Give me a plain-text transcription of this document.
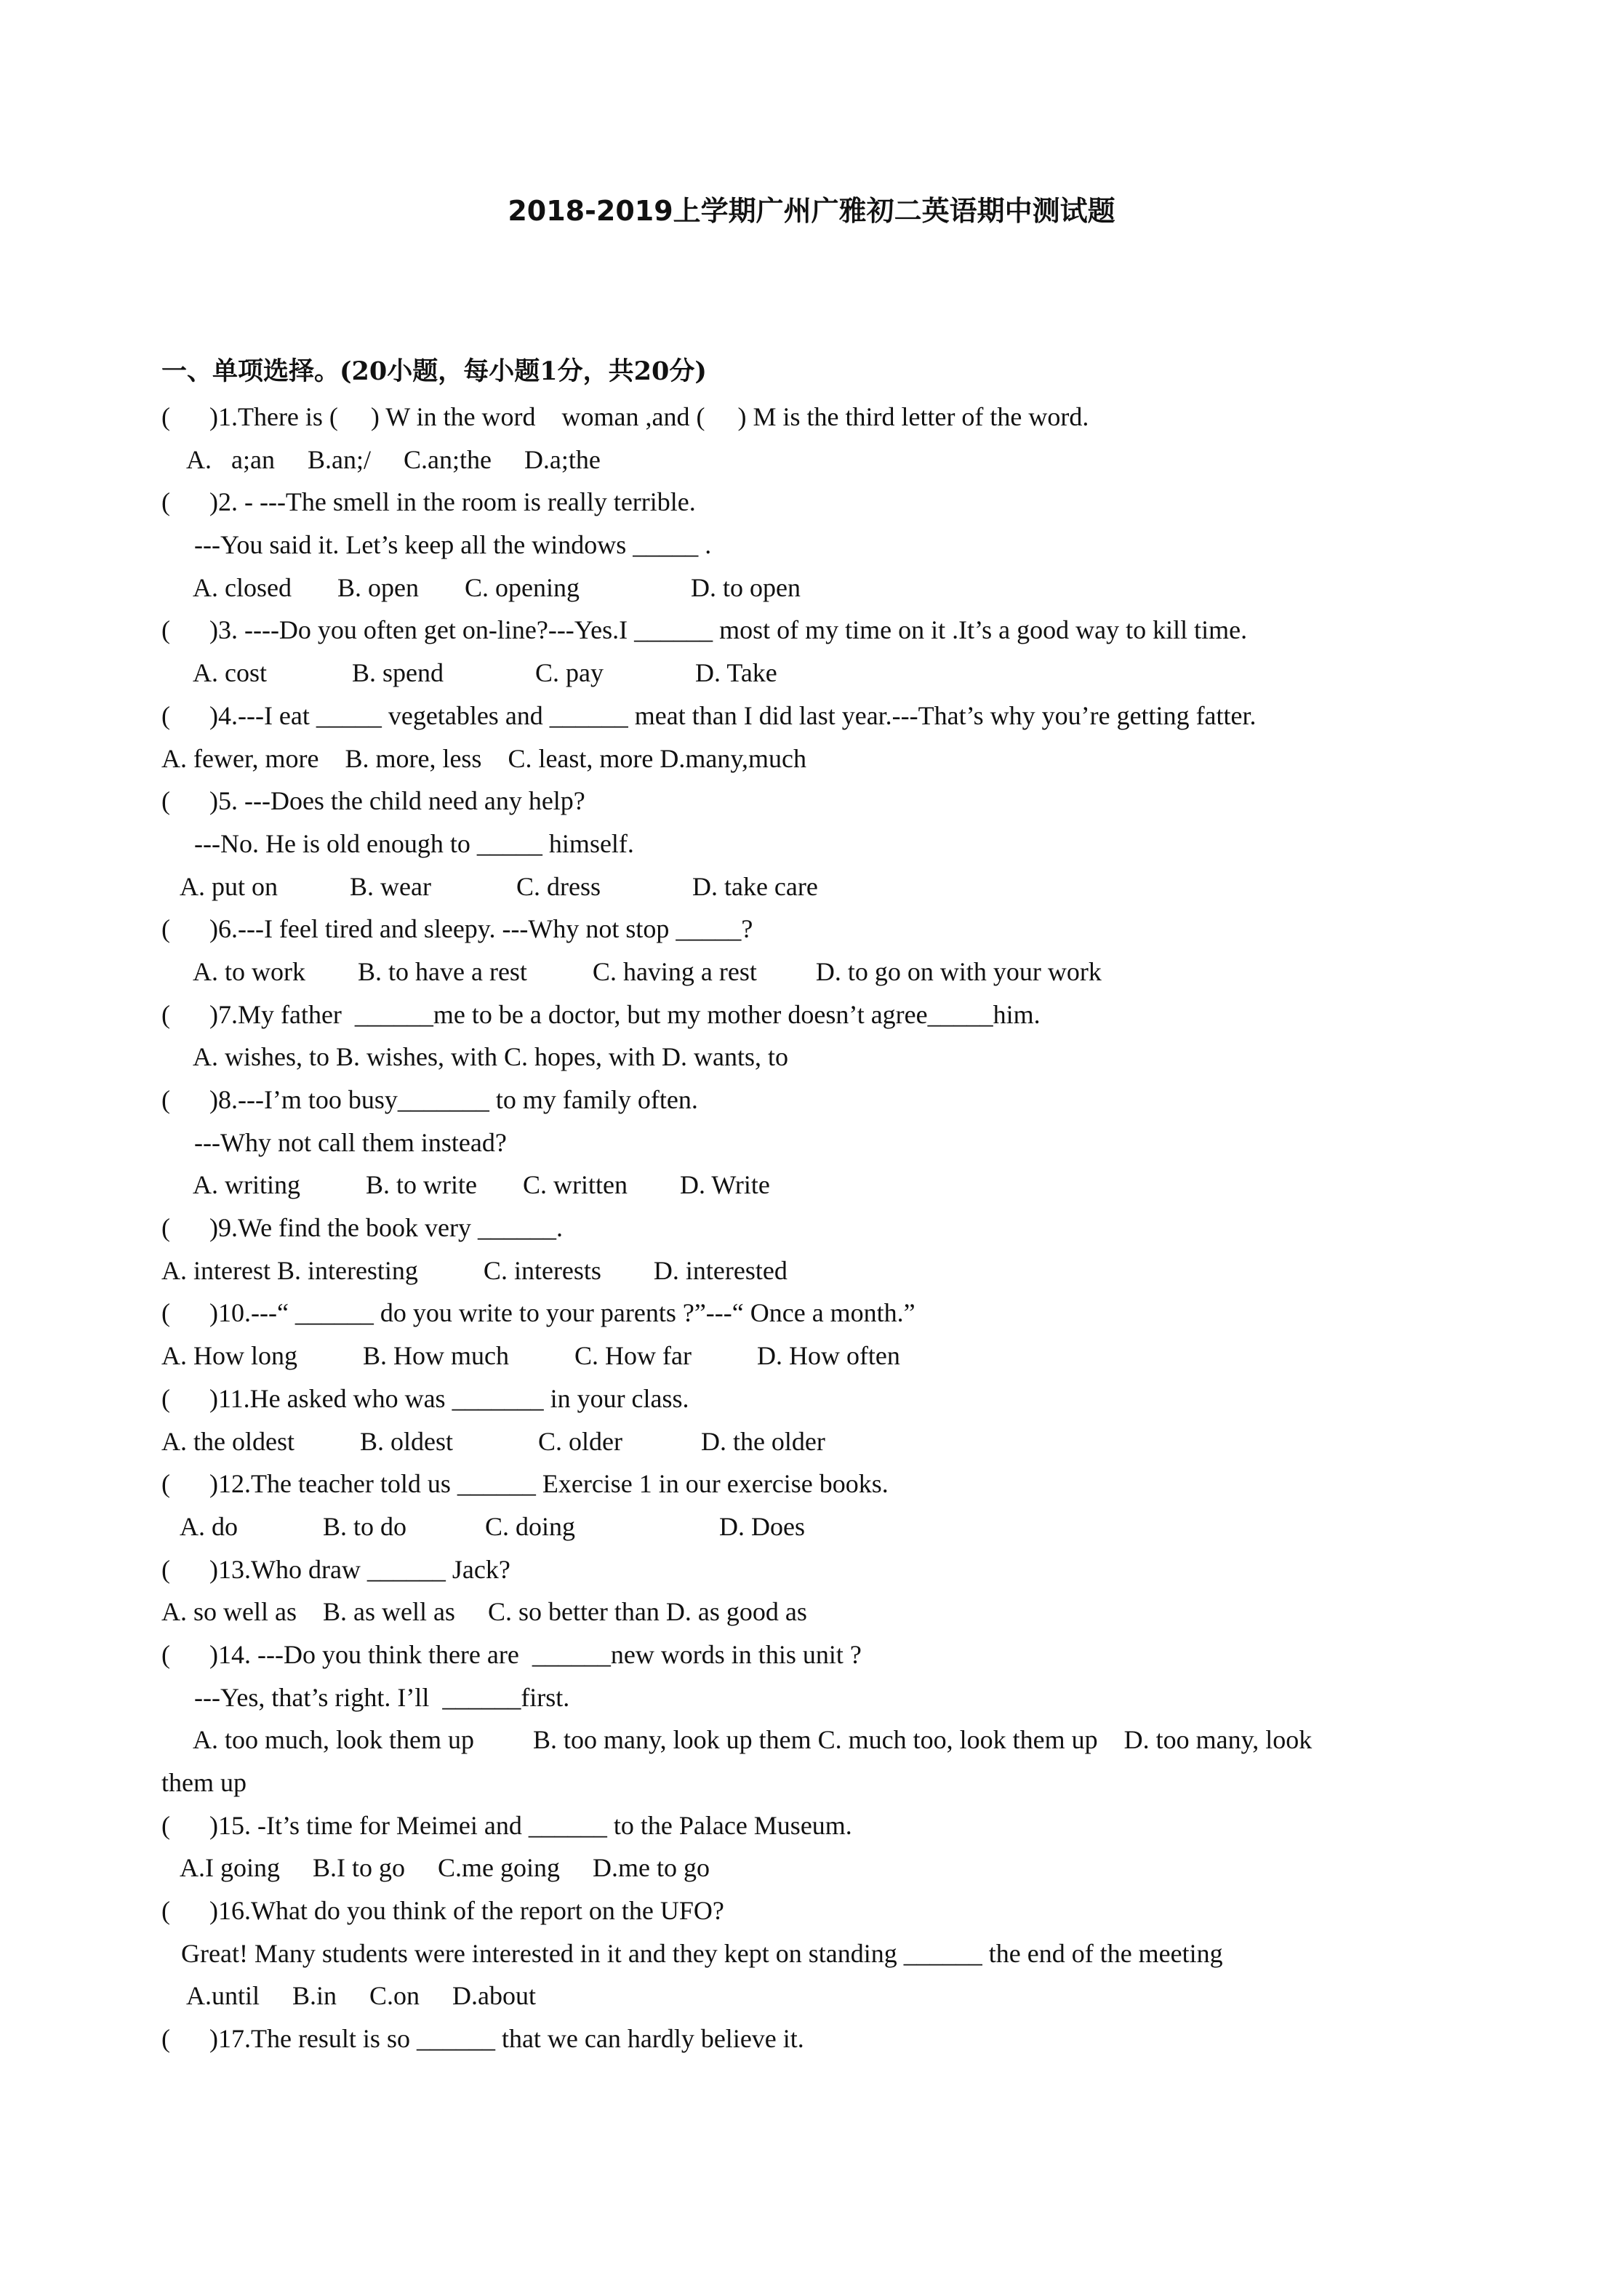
2018-2019上学期广州广雅初二英语期中测试题
一、单项选择。(20小题，每小题1分，共20分)
(      )1.There is (     ) W in the word    woman ,and (     ) M is the third letter of the word.
A.   a;an     B.an;/     C.an;the     D.a;the
(      )2. - ---The smell in the room is really terrible.
---You said it. Let’s keep all the windows _____ .
A. closed       B. open       C. opening                 D. to open
(      )3. ----Do you often get on-line?---Yes.I ______ most of my time on it .It’s a good way to kill time.
A. cost             B. spend              C. pay              D. Take
(      )4.---I eat _____ vegetables and ______ meat than I did last year.---That’s why you’re getting fatter.
A. fewer, more    B. more, less    C. least, more D.many,much
(      )5. ---Does the child need any help?
---No. He is old enough to _____ himself.
A. put on           B. wear             C. dress              D. take care
(      )6.---I feel tired and sleepy. ---Why not stop _____?
A. to work        B. to have a rest          C. having a rest         D. to go on with your work
(      )7.My father  ______me to be a doctor, but my mother doesn’t agree_____him.
A. wishes, to B. wishes, with C. hopes, with D. wants, to
(      )8.---I’m too busy_______ to my family often.
---Why not call them instead?
A. writing          B. to write       C. written        D. Write
(      )9.We find the book very ______.
A. interest B. interesting          C. interests        D. interested
(      )10.---“ ______ do you write to your parents ?”---“ Once a month.”
A. How long          B. How much          C. How far          D. How often
(      )11.He asked who was _______ in your class.
A. the oldest          B. oldest             C. older            D. the older
(      )12.The teacher told us ______ Exercise 1 in our exercise books.
A. do             B. to do            C. doing                      D. Does
(      )13.Who draw ______ Jack?
A. so well as    B. as well as     C. so better than D. as good as
(      )14. ---Do you think there are  ______new words in this unit ?
---Yes, that’s right. I’ll  ______first.
A. too much, look them up         B. too many, look up them C. much too, look them up    D. too many, look
them up
(      )15. -It’s time for Meimei and ______ to the Palace Museum.
A.I going     B.I to go     C.me going     D.me to go
(      )16.What do you think of the report on the UFO?
Great! Many students were interested in it and they kept on standing ______ the end of the meeting
A.until     B.in     C.on     D.about
(      )17.The result is so ______ that we can hardly believe it.
